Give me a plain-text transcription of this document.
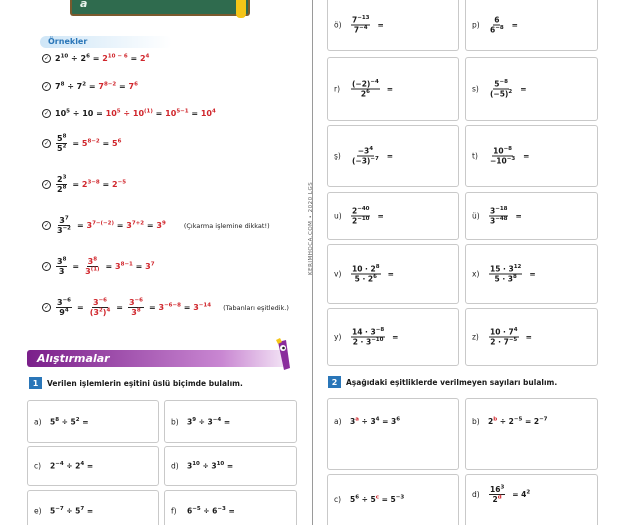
a
Örnekler
✓ $2^{10} \div 2^6 = 2^{10 - 6} = 2^4$
✓ $7^8 \div 7^2 = 7^{8-2} = 7^6$
✓ $10^5 \div 10 = 10^5 \div 10^{(1)} = 10^{5-1} = 10^4$
✓ $\frac{5^8}{5^2} = 5^{8-2} = 5^6$
✓ $\frac{2^3}{2^8} = 2^{3-8} = 2^{-5}$
✓ $\frac{3^7}{3^{-2}} = 3^{7-(-2)} = 3^{7+2} = 3^9$	(Çıkarma işlemine dikkat!)
✓ $\frac{3^8}{3} = \frac{3^8}{3^{(1)}} = 3^{8-1} = 3^7$
✓ $\frac{3^{-6}}{9^4} = \frac{3^{-6}}{(3^2)^4} = \frac{3^{-6}}{3^8} = 3^{-6-8} = 3^{-14}$ (Tabanları eşitledik.)
Alıştırmalar
1	Verilen işlemlerin eşitini üslü biçimde bulalım.
a)	$5^8 \div 5^2$ =	b)	$3^9 \div 3^{-4}$ =
c)	$2^{-4} \div 2^4$ =	d)	$3^{10} \div 3^{10}$ =
e)	$5^{-7} \div 5^7$ =	f)	$6^{-5} \div 6^{-3}$ =
KERIMHOCA.COM • 2020 LGS
ö)	$\frac{7^{-13}}{7^{-4}}$ =	p)	$\frac{6}{6^{-8}}$ =
r)	$\frac{(-2)^{-4}}{2^6}$ =	s)	$\frac{5^{-8}}{(-5)^2}$ =
ş)	$\frac{-3^4}{(-3)^{-7}}$ =	t)	$\frac{10^{-8}}{-10^{-3}}$ =
u)	$\frac{2^{-40}}{2^{-10}}$ =	ü)	$\frac{3^{-18}}{3^{-48}}$ =
v)	$\frac{10 \cdot 2^8}{5 \cdot 2^6}$ =	x)	$\frac{15 \cdot 3^{12}}{5 \cdot 3^8}$ =
y)	$\frac{14 \cdot 3^{-8}}{2 \cdot 3^{-10}}$ =	z)	$\frac{10 \cdot 7^4}{2 \cdot 7^{-5}}$ =
2	Aşağıdaki eşitliklerde verilmeyen sayıları bulalım.
a)	$3^a \div 3^4 = 3^6$	b)	$2^b \div 2^{-5} = 2^{-7}$
c)	$5^6 \div 5^c = 5^{-3}$	d)	$\frac{16^3}{2^d} = 4^2$
